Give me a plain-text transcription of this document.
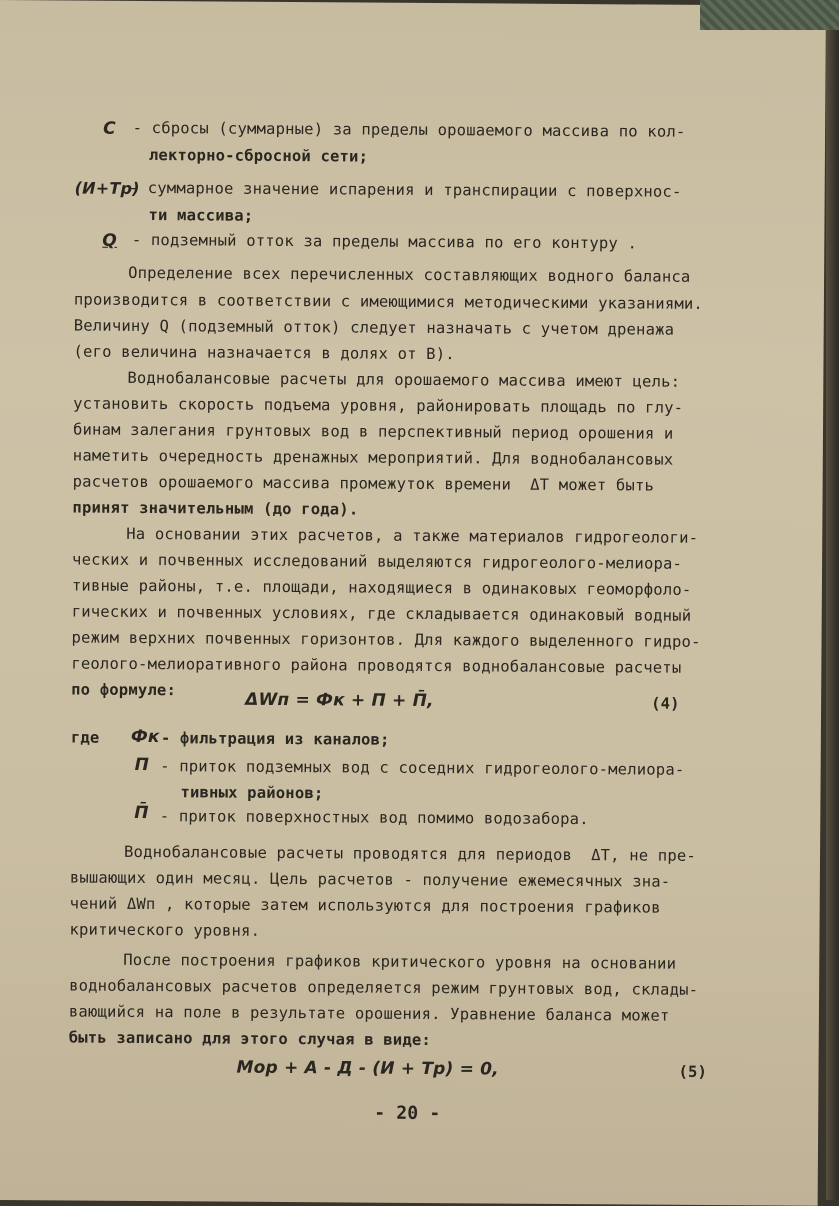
C - сбросы (суммарные) за пределы орошаемого массива по кол-
лекторно-сбросной сети;
(И+Тр)
- суммарное значение испарения и транспирации с поверхнос-
ти массива;
Q - подземный отток за пределы массива по его контуру .
Определение всех перечисленных составляющих водного баланса
производится в соответствии с имеющимися методическими указаниями.
Величину Q (подземный отток) следует назначать с учетом дренажа
(его величина назначается в долях от В).
Воднобалансовые расчеты для орошаемого массива имеют цель:
установить скорость подъема уровня, районировать площадь по глу-
бинам залегания грунтовых вод в перспективный период орошения и
наметить очередность дренажных мероприятий. Для воднобалансовых
расчетов орошаемого массива промежуток времени  ΔT может быть
принят значительным (до года).
На основании этих расчетов, а также материалов гидрогеологи-
ческих и почвенных исследований выделяются гидрогеолого-мелиора-
тивные районы, т.е. площади, находящиеся в одинаковых геоморфоло-
гических и почвенных условиях, где складывается одинаковый водный
режим верхних почвенных горизонтов. Для каждого выделенного гидро-
геолого-мелиоративного района проводятся воднобалансовые расчеты
по формуле:	ΔWп = Фк + П + П̄,	(4)
где Фк - фильтрация из каналов;
П - приток подземных вод с соседних гидрогеолого-мелиора-
тивных районов;
П̄ - приток поверхностных вод помимо водозабора.
Воднобалансовые расчеты проводятся для периодов  ΔT, не пре-
вышающих один месяц. Цель расчетов - получение ежемесячных зна-
чений ΔWп , которые затем используются для построения графиков
критического уровня.
После построения графиков критического уровня на основании
воднобалансовых расчетов определяется режим грунтовых вод, склады-
вающийся на поле в результате орошения. Уравнение баланса может
быть записано для этого случая в виде:
Мор + А - Д - (И + Тр) = 0,	(5)
- 20 -
